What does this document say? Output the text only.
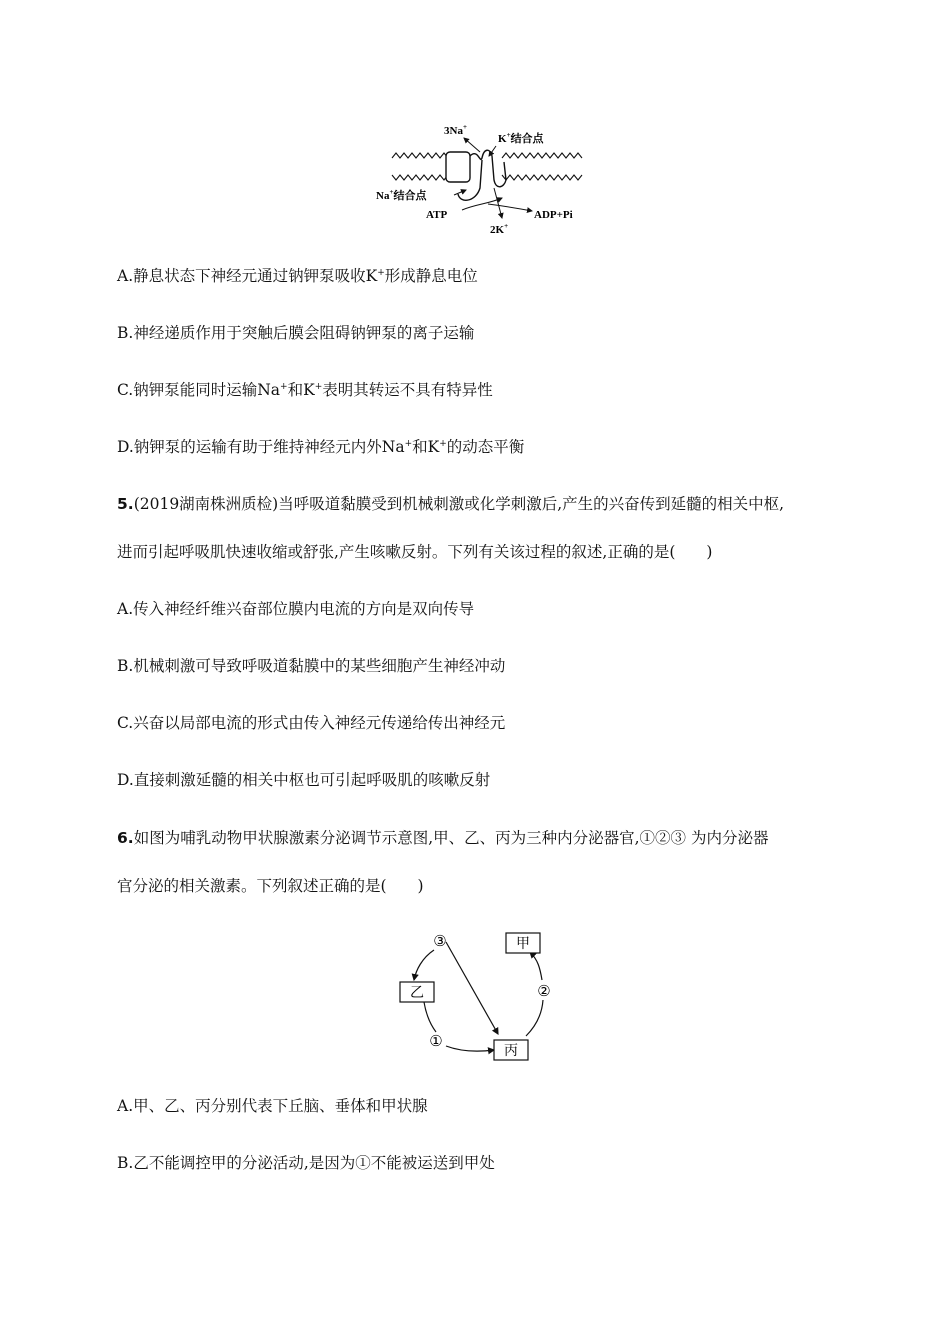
3Na+
K+结合点
Na+结合点
ATP	ADP+Pi
2K+
A.静息状态下神经元通过钠钾泵吸收K+形成静息电位
B.神经递质作用于突触后膜会阻碍钠钾泵的离子运输
C.钠钾泵能同时运输Na+和K+表明其转运不具有特异性
D.钠钾泵的运输有助于维持神经元内外Na+和K+的动态平衡
5.(2019湖南株洲质检)当呼吸道黏膜受到机械刺激或化学刺激后,产生的兴奋传到延髓的相关中枢,
进而引起呼吸肌快速收缩或舒张,产生咳嗽反射。下列有关该过程的叙述,正确的是(　　)
A.传入神经纤维兴奋部位膜内电流的方向是双向传导
B.机械刺激可导致呼吸道黏膜中的某些细胞产生神经冲动
C.兴奋以局部电流的形式由传入神经元传递给传出神经元
D.直接刺激延髓的相关中枢也可引起呼吸肌的咳嗽反射
6.如图为哺乳动物甲状腺激素分泌调节示意图,甲、乙、丙为三种内分泌器官,①②③ 为内分泌器
官分泌的相关激素。下列叙述正确的是(　　)
甲
乙
丙
①
②
③
A.甲、乙、丙分别代表下丘脑、垂体和甲状腺
B.乙不能调控甲的分泌活动,是因为①不能被运送到甲处
